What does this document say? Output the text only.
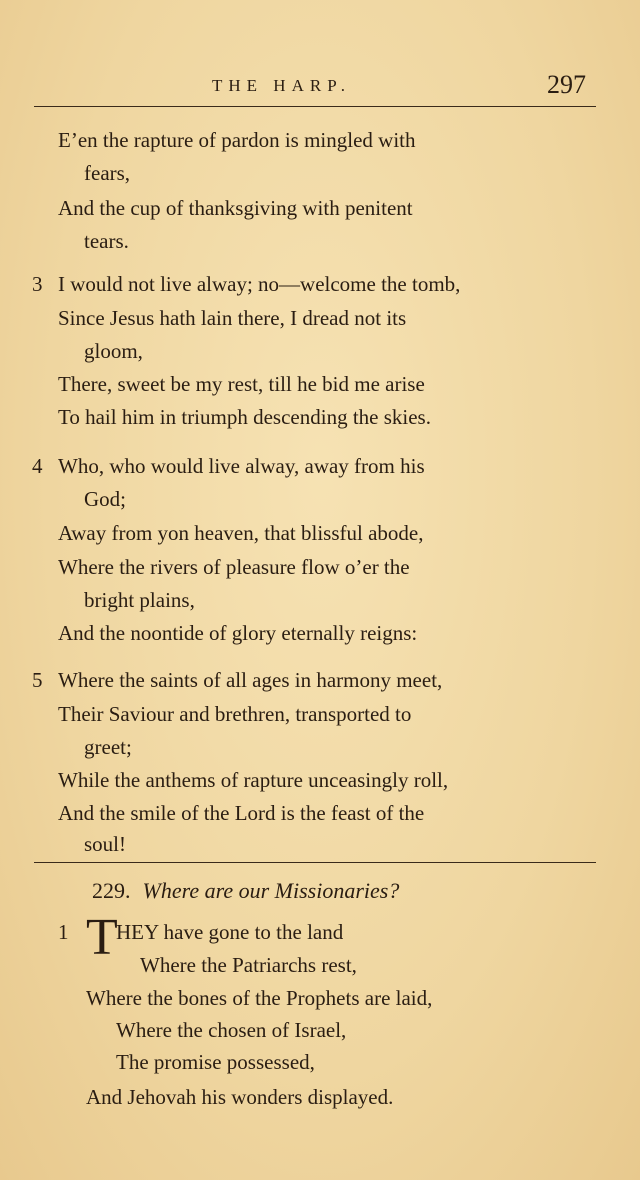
THE HARP.	297
E’en the rapture of pardon is mingled with
fears,
And the cup of thanksgiving with penitent
tears.
3 I would not live alway; no—welcome the tomb,
Since Jesus hath lain there, I dread not its
gloom,
There, sweet be my rest, till he bid me arise
To hail him in triumph descending the skies.
4 Who, who would live alway, away from his
God;
Away from yon heaven, that blissful abode,
Where the rivers of pleasure flow o’er the
bright plains,
And the noontide of glory eternally reigns:
5 Where the saints of all ages in harmony meet,
Their Saviour and brethren, transported to
greet;
While the anthems of rapture unceasingly roll,
And the smile of the Lord is the feast of the
soul!
229. Where are our Missionaries?
1 T
HEY have gone to the land
Where the Patriarchs rest,
Where the bones of the Prophets are laid,
Where the chosen of Israel,
The promise possessed,
And Jehovah his wonders displayed.
